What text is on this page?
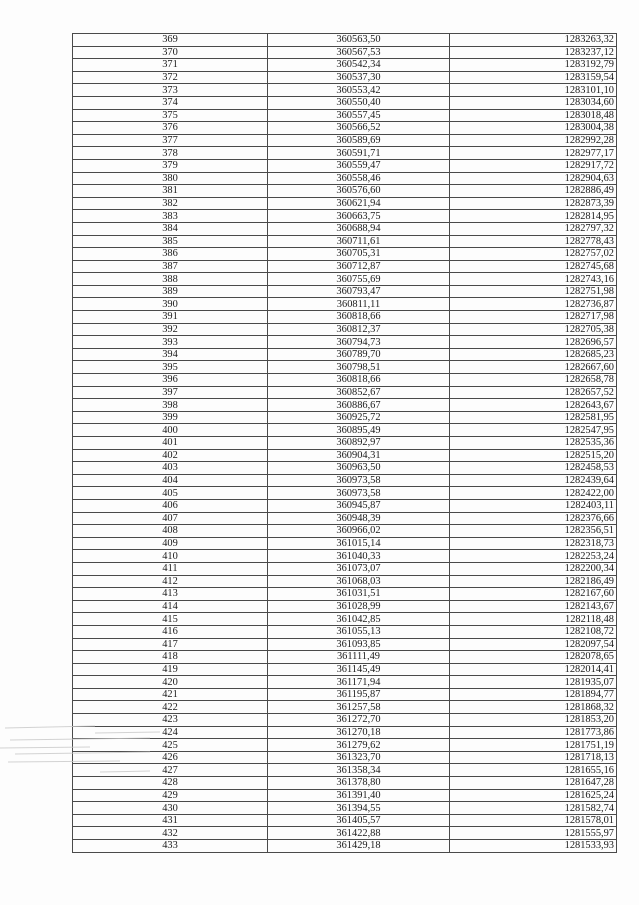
369	360563,50	1283263,32
370	360567,53	1283237,12
371	360542,34	1283192,79
372	360537,30	1283159,54
373	360553,42	1283101,10
374	360550,40	1283034,60
375	360557,45	1283018,48
376	360566,52	1283004,38
377	360589,69	1282992,28
378	360591,71	1282977,17
379	360559,47	1282917,72
380	360558,46	1282904,63
381	360576,60	1282886,49
382	360621,94	1282873,39
383	360663,75	1282814,95
384	360688,94	1282797,32
385	360711,61	1282778,43
386	360705,31	1282757,02
387	360712,87	1282745,68
388	360755,69	1282743,16
389	360793,47	1282751,98
390	360811,11	1282736,87
391	360818,66	1282717,98
392	360812,37	1282705,38
393	360794,73	1282696,57
394	360789,70	1282685,23
395	360798,51	1282667,60
396	360818,66	1282658,78
397	360852,67	1282657,52
398	360886,67	1282643,67
399	360925,72	1282581,95
400	360895,49	1282547,95
401	360892,97	1282535,36
402	360904,31	1282515,20
403	360963,50	1282458,53
404	360973,58	1282439,64
405	360973,58	1282422,00
406	360945,87	1282403,11
407	360948,39	1282376,66
408	360966,02	1282356,51
409	361015,14	1282318,73
410	361040,33	1282253,24
411	361073,07	1282200,34
412	361068,03	1282186,49
413	361031,51	1282167,60
414	361028,99	1282143,67
415	361042,85	1282118,48
416	361055,13	1282108,72
417	361093,85	1282097,54
418	361111,49	1282078,65
419	361145,49	1282014,41
420	361171,94	1281935,07
421	361195,87	1281894,77
422	361257,58	1281868,32
423	361272,70	1281853,20
424	361270,18	1281773,86
425	361279,62	1281751,19
426	361323,70	1281718,13
427	361358,34	1281655,16
428	361378,80	1281647,28
429	361391,40	1281625,24
430	361394,55	1281582,74
431	361405,57	1281578,01
432	361422,88	1281555,97
433	361429,18	1281533,93
